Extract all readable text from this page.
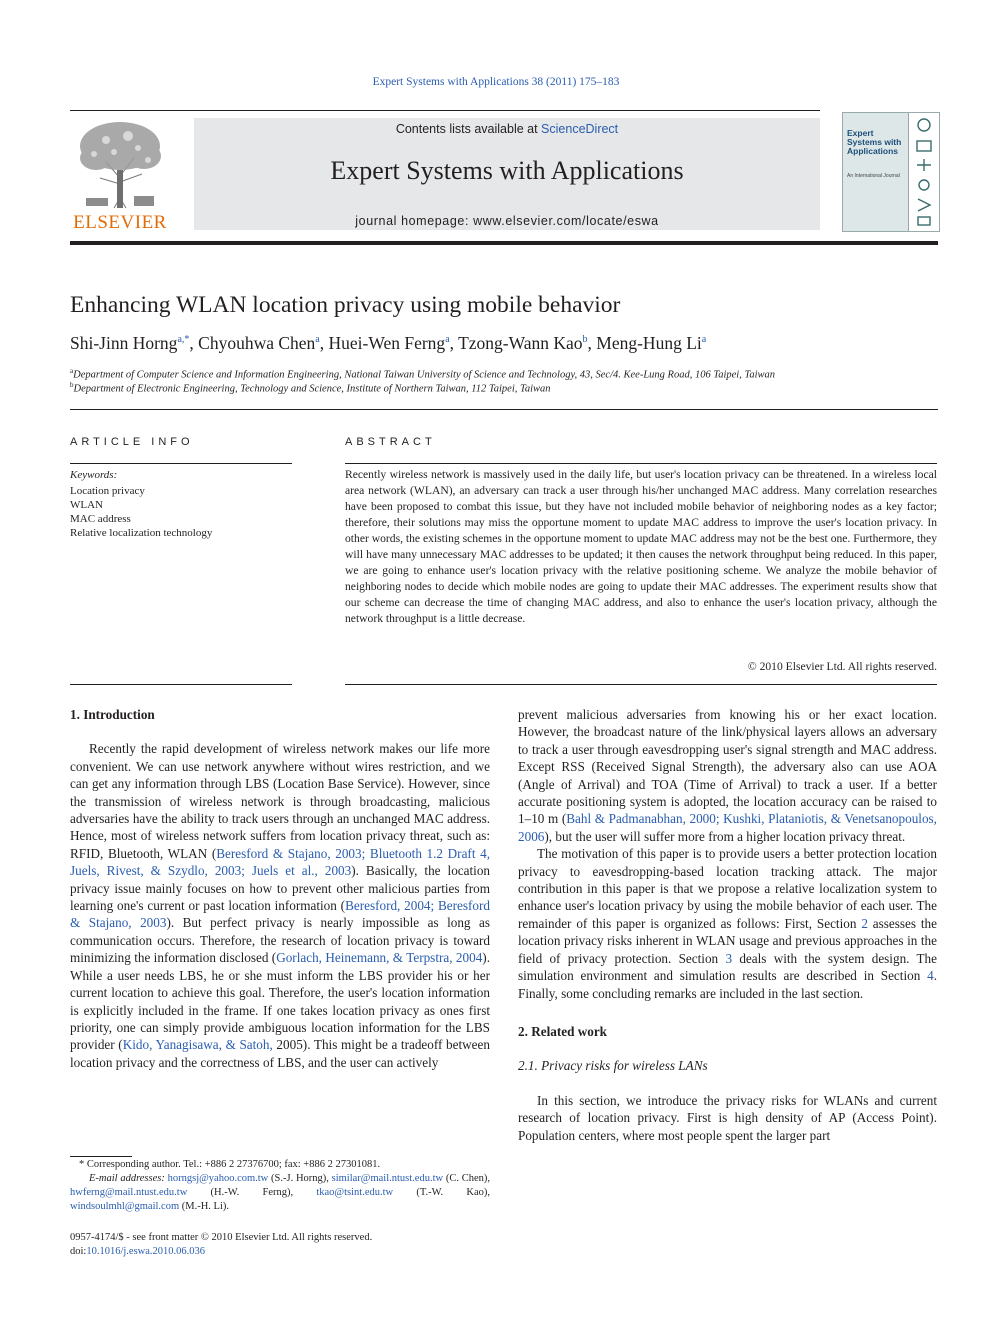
Expert Systems with Applications 38 (2011) 175–183
ELSEVIER
Contents lists available at ScienceDirect
Expert Systems with Applications
journal homepage: www.elsevier.com/locate/eswa
Expert Systems with Applications
An International Journal
Enhancing WLAN location privacy using mobile behavior
Shi-Jinn Horng$^{a,*}$, Chyouhwa Chen$^a$, Huei-Wen Ferng$^a$, Tzong-Wann Kao$^b$, Meng-Hung Li$^a$
$^a$Department of Computer Science and Information Engineering, National Taiwan University of Science and Technology, 43, Sec/4. Kee-Lung Road, 106 Taipei, Taiwan
$^b$Department of Electronic Engineering, Technology and Science, Institute of Northern Taiwan, 112 Taipei, Taiwan
ARTICLE INFO
Keywords:
Location privacy
WLAN
MAC address
Relative localization technology
ABSTRACT
Recently wireless network is massively used in the daily life, but user's location privacy can be threatened. In a wireless local area network (WLAN), an adversary can track a user through his/her unchanged MAC address. Many correlation researches have been proposed to combat this issue, but they have not included mobile behavior of neighboring nodes as a key factor; therefore, their solutions may miss the opportune moment to update MAC address to improve the user's location privacy. In other words, the existing schemes in the opportune moment to update MAC address may not be the best one. Furthermore, they will have many unnecessary MAC addresses to be updated; it then causes the network throughput being reduced. In this paper, we are going to enhance user's location privacy with the relative positioning scheme. We analyze the mobile behavior of neighboring nodes to decide which mobile nodes are going to update their MAC addresses. The experiment results show that our scheme can decrease the time of changing MAC address, and also to enhance the user's location privacy, although the network throughput is a little decrease.
© 2010 Elsevier Ltd. All rights reserved.
1. Introduction

Recently the rapid development of wireless network makes our life more convenient. We can use network anywhere without wires restriction, and we can get any information through LBS (Location Base Service). However, since the transmission of wireless network is through broadcasting, malicious adversaries have the ability to track users through an unchanged MAC address. Hence, most of wireless network suffers from location privacy threat, such as: RFID, Bluetooth, WLAN (Beresford & Stajano, 2003; Bluetooth 1.2 Draft 4, Juels, Rivest, & Szydlo, 2003; Juels et al., 2003). Basically, the location privacy issue mainly focuses on how to prevent other malicious parties from learning one's current or past location information (Beresford, 2004; Beresford & Stajano, 2003). But perfect privacy is nearly impossible as long as communication occurs. Therefore, the research of location privacy is toward minimizing the information disclosed (Gorlach, Heinemann, & Terpstra, 2004). While a user needs LBS, he or she must inform the LBS provider his or her current location to achieve this goal. Therefore, the user's location information is explicitly included in the frame. If one takes location privacy as ones first priority, one can simply provide ambiguous location information for the LBS provider (Kido, Yanagisawa, & Satoh, 2005). This might be a tradeoff between location privacy and the correctness of LBS, and the user can actively

* Corresponding author. Tel.: +886 2 27376700; fax: +886 2 27301081.
E-mail addresses: horngsj@yahoo.com.tw (S.-J. Horng), similar@mail.ntust.edu.tw (C. Chen), hwferng@mail.ntust.edu.tw (H.-W. Ferng), tkao@tsint.edu.tw (T.-W. Kao), windsoulmhl@gmail.com (M.-H. Li).
0957-4174/$ - see front matter © 2010 Elsevier Ltd. All rights reserved.
doi:10.1016/j.eswa.2010.06.036

prevent malicious adversaries from knowing his or her exact location. However, the broadcast nature of the link/physical layers allows an adversary to track a user through eavesdropping user's signal strength and MAC address. Except RSS (Received Signal Strength), the adversary also can use AOA (Angle of Arrival) and TOA (Time of Arrival) to track a user. If a better accurate positioning system is adopted, the location accuracy can be raised to 1–10 m (Bahl & Padmanabhan, 2000; Kushki, Plataniotis, & Venetsanopoulos, 2006), but the user will suffer more from a higher location privacy threat.

The motivation of this paper is to provide users a better protection location privacy to eavesdropping-based location tracking attack. The major contribution in this paper is that we propose a relative localization system to enhance user's location privacy by using the mobile behavior of each user. The remainder of this paper is organized as follows: First, Section 2 assesses the location privacy risks inherent in WLAN usage and previous approaches in the field of privacy protection. Section 3 deals with the system design. The simulation environment and simulation results are described in Section 4. Finally, some concluding remarks are included in the last section.

2. Related work
2.1. Privacy risks for wireless LANs

In this section, we introduce the privacy risks for WLANs and current research of location privacy. First is high density of AP (Access Point). Population centers, where most people spent the larger part
